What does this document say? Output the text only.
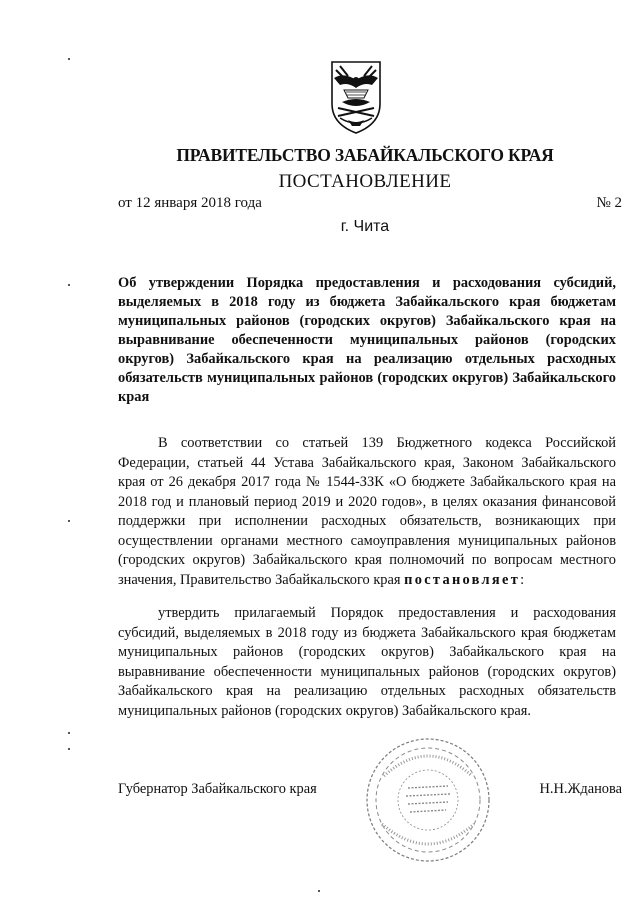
ПРАВИТЕЛЬСТВО ЗАБАЙКАЛЬСКОГО КРАЯ
ПОСТАНОВЛЕНИЕ
от 12 января 2018 года	№ 2
г. Чита
Об утверждении Порядка предоставления и расходования субсидий, выделяемых в 2018 году из бюджета Забайкальского края бюджетам муниципальных районов (городских округов) Забайкальского края на выравнивание обеспеченности муниципальных районов (городских округов) Забайкальского края на реализацию отдельных расходных обязательств муниципальных районов (городских округов) Забайкальского края
В соответствии со статьей 139 Бюджетного кодекса Российской Федерации, статьей 44 Устава Забайкальского края, Законом Забайкальского края от 26 декабря 2017 года № 1544-ЗЗК «О бюджете Забайкальского края на 2018 год и плановый период 2019 и 2020 годов», в целях оказания финансовой поддержки при исполнении расходных обязательств, возникающих при осуществлении органами местного самоуправления муниципальных районов (городских округов) Забайкальского края полномочий по вопросам местного значения, Правительство Забайкальского края постановляет:
утвердить прилагаемый Порядок предоставления и расходования субсидий, выделяемых в 2018 году из бюджета Забайкальского края бюджетам муниципальных районов (городских округов) Забайкальского края на выравнивание обеспеченности муниципальных районов (городских округов) Забайкальского края на реализацию отдельных расходных обязательств муниципальных районов (городских округов) Забайкальского края.
Губернатор Забайкальского края	Н.Н.Жданова
